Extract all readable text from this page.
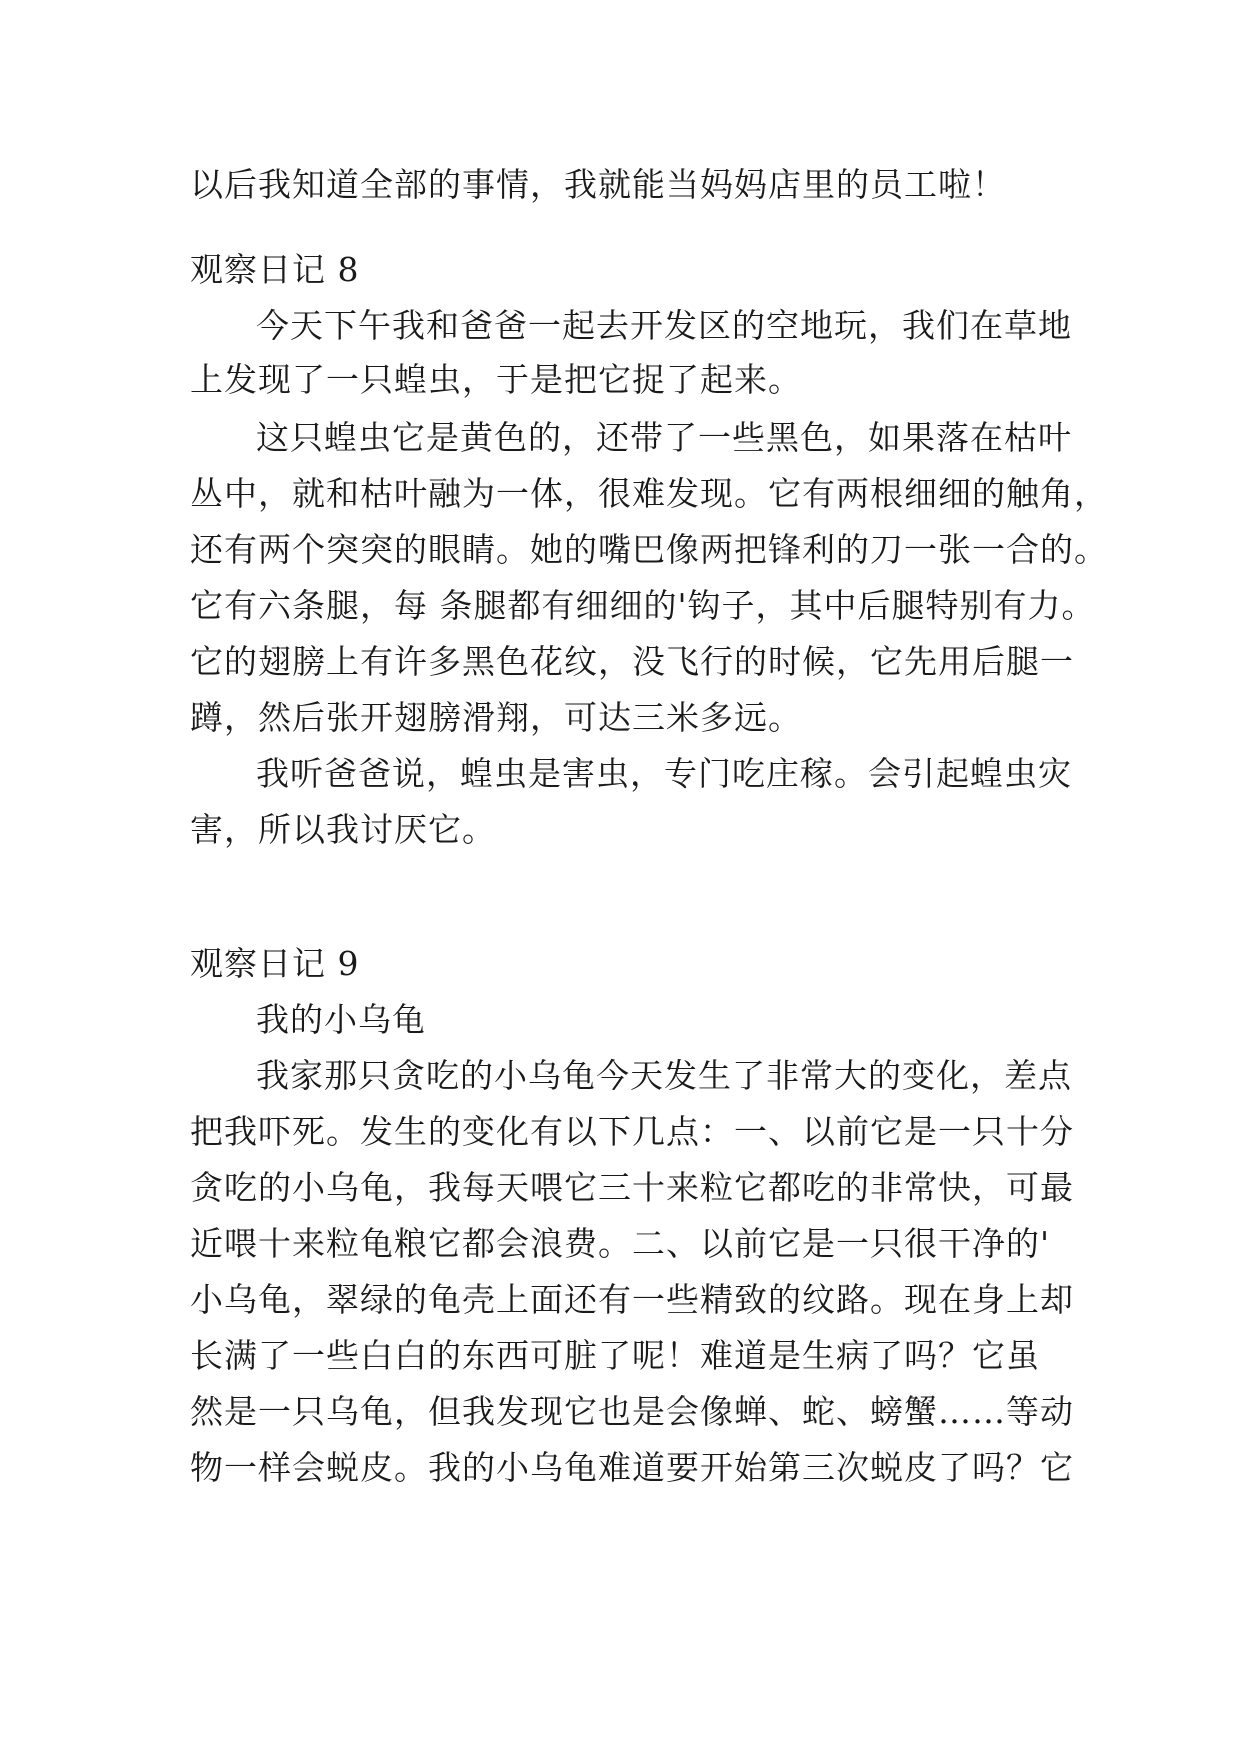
以后我知道全部的事情，我就能当妈妈店里的员工啦！
观察日记 8
今天下午我和爸爸一起去开发区的空地玩，我们在草地
上发现了一只蝗虫，于是把它捉了起来。
这只蝗虫它是黄色的，还带了一些黑色，如果落在枯叶
丛中，就和枯叶融为一体，很难发现。它有两根细细的触角，
还有两个突突的眼睛。她的嘴巴像两把锋利的刀一张一合的。
它有六条腿，每 条腿都有细细的'钩子，其中后腿特别有力。
它的翅膀上有许多黑色花纹，没飞行的时候，它先用后腿一
蹲，然后张开翅膀滑翔，可达三米多远。
我听爸爸说，蝗虫是害虫，专门吃庄稼。会引起蝗虫灾
害，所以我讨厌它。
观察日记 9
我的小乌龟
我家那只贪吃的小乌龟今天发生了非常大的变化，差点
把我吓死。发生的变化有以下几点：一、以前它是一只十分
贪吃的小乌龟，我每天喂它三十来粒它都吃的非常快，可最
近喂十来粒龟粮它都会浪费。二、以前它是一只很干净的'
小乌龟，翠绿的龟壳上面还有一些精致的纹路。现在身上却
长满了一些白白的东西可脏了呢！难道是生病了吗？它虽
然是一只乌龟，但我发现它也是会像蝉、蛇、螃蟹……等动
物一样会蜕皮。我的小乌龟难道要开始第三次蜕皮了吗？它
